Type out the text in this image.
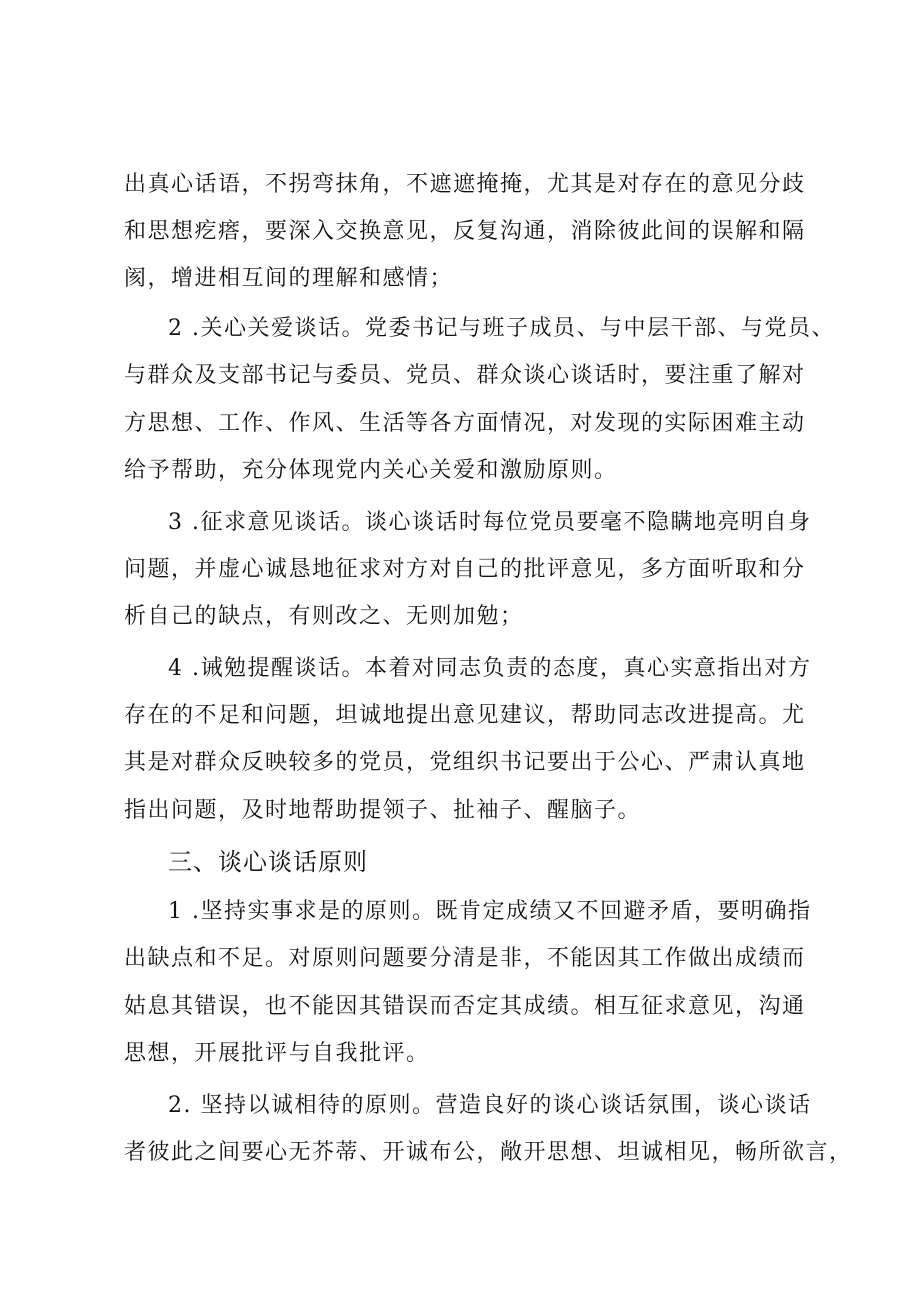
出真心话语，不拐弯抹角，不遮遮掩掩，尤其是对存在的意见分歧
和思想疙瘩，要深入交换意见，反复沟通，消除彼此间的误解和隔
阂，增进相互间的理解和感情；
2 .关心关爱谈话。党委书记与班子成员、与中层干部、与党员、
与群众及支部书记与委员、党员、群众谈心谈话时，要注重了解对
方思想、工作、作风、生活等各方面情况，对发现的实际困难主动
给予帮助，充分体现党内关心关爱和激励原则。
3 .征求意见谈话。谈心谈话时每位党员要毫不隐瞒地亮明自身
问题，并虚心诚恳地征求对方对自己的批评意见，多方面听取和分
析自己的缺点，有则改之、无则加勉；
4 .诫勉提醒谈话。本着对同志负责的态度，真心实意指出对方
存在的不足和问题，坦诚地提出意见建议，帮助同志改进提高。尤
其是对群众反映较多的党员，党组织书记要出于公心、严肃认真地
指出问题，及时地帮助提领子、扯袖子、醒脑子。
三、谈心谈话原则
1 .坚持实事求是的原则。既肯定成绩又不回避矛盾，要明确指
出缺点和不足。对原则问题要分清是非，不能因其工作做出成绩而
姑息其错误，也不能因其错误而否定其成绩。相互征求意见，沟通
思想，开展批评与自我批评。
2. 坚持以诚相待的原则。营造良好的谈心谈话氛围，谈心谈话
者彼此之间要心无芥蒂、开诚布公，敞开思想、坦诚相见，畅所欲言，
